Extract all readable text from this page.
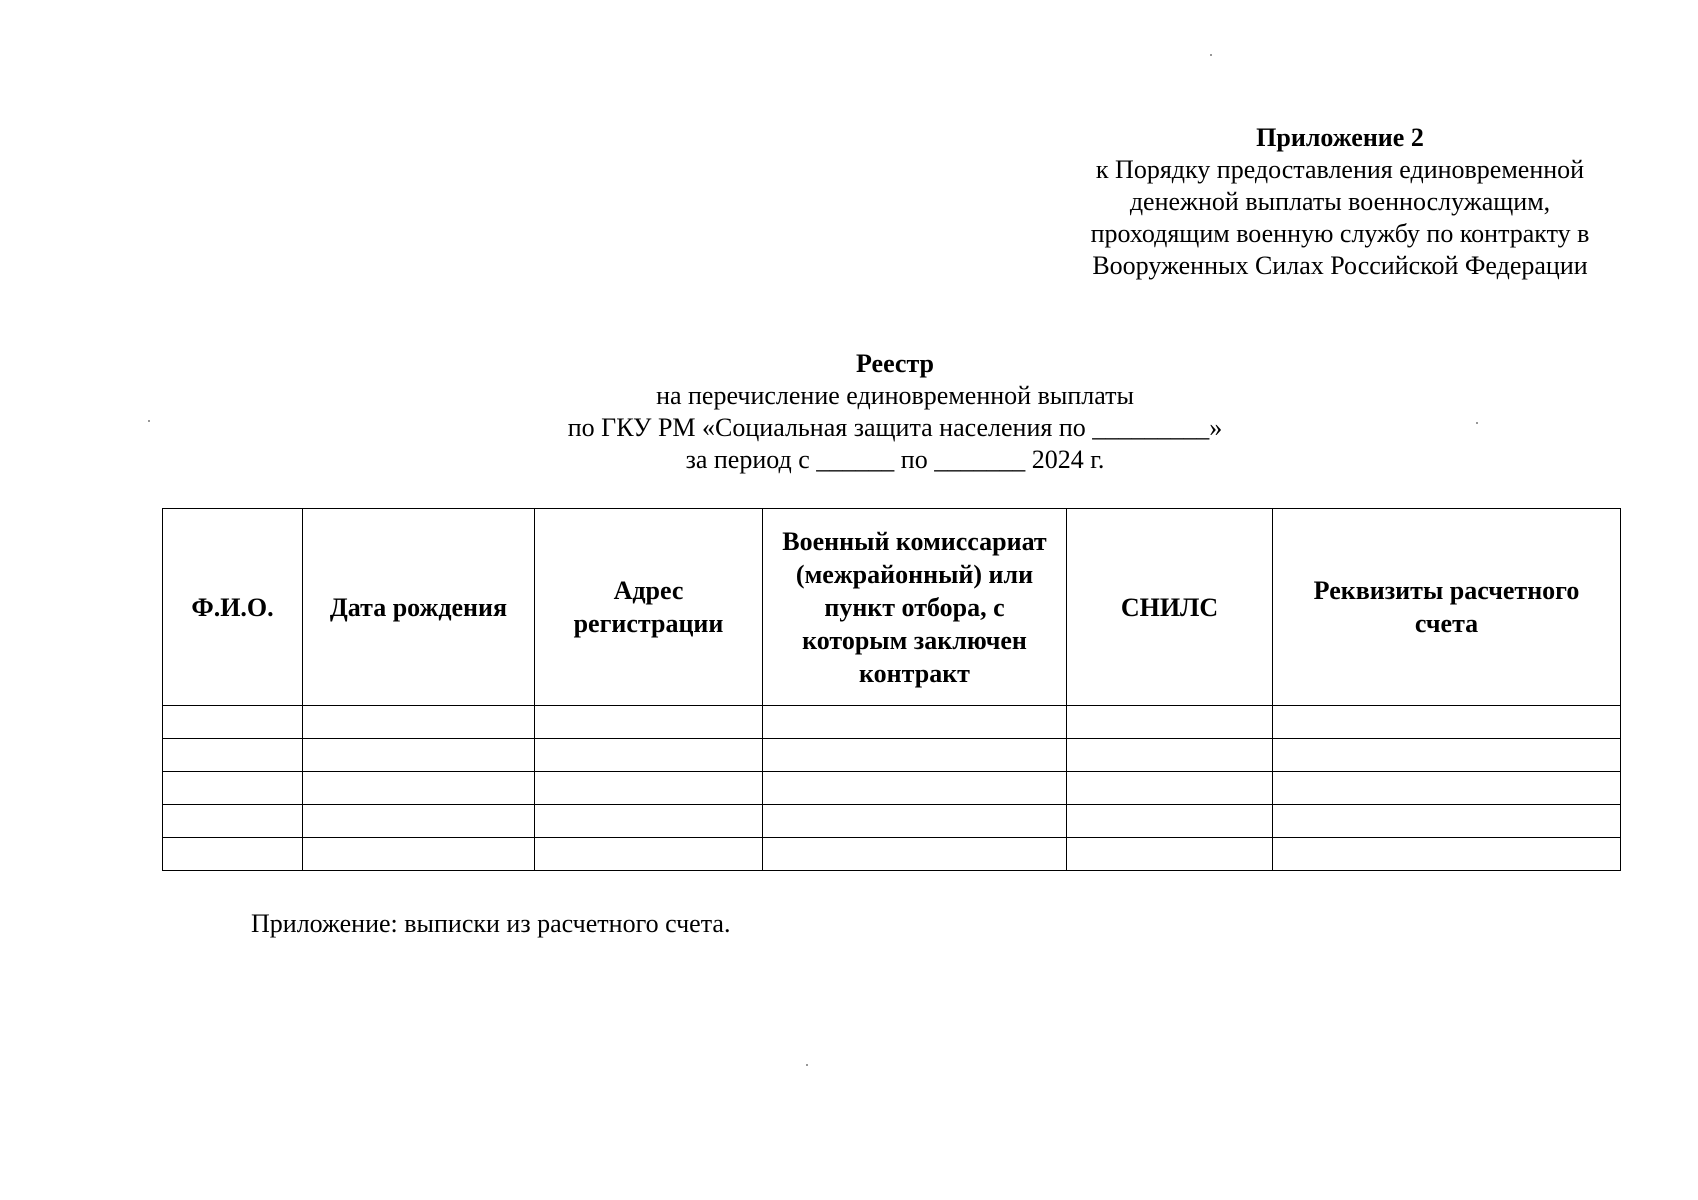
Приложение 2
к Порядку предоставления единовременной
денежной выплаты военнослужащим,
проходящим военную службу по контракту в
Вооруженных Силах Российской Федерации
Реестр
на перечисление единовременной выплаты
по ГКУ РМ «Социальная защита населения по _________»
за период с ______ по _______ 2024 г.
Ф.И.О.	Дата рождения	Адрес регистрации	Военный комиссариат (межрайонный) или пункт отбора, с которым заключен контракт	СНИЛС	Реквизиты расчетного счета

Приложение: выписки из расчетного счета.
